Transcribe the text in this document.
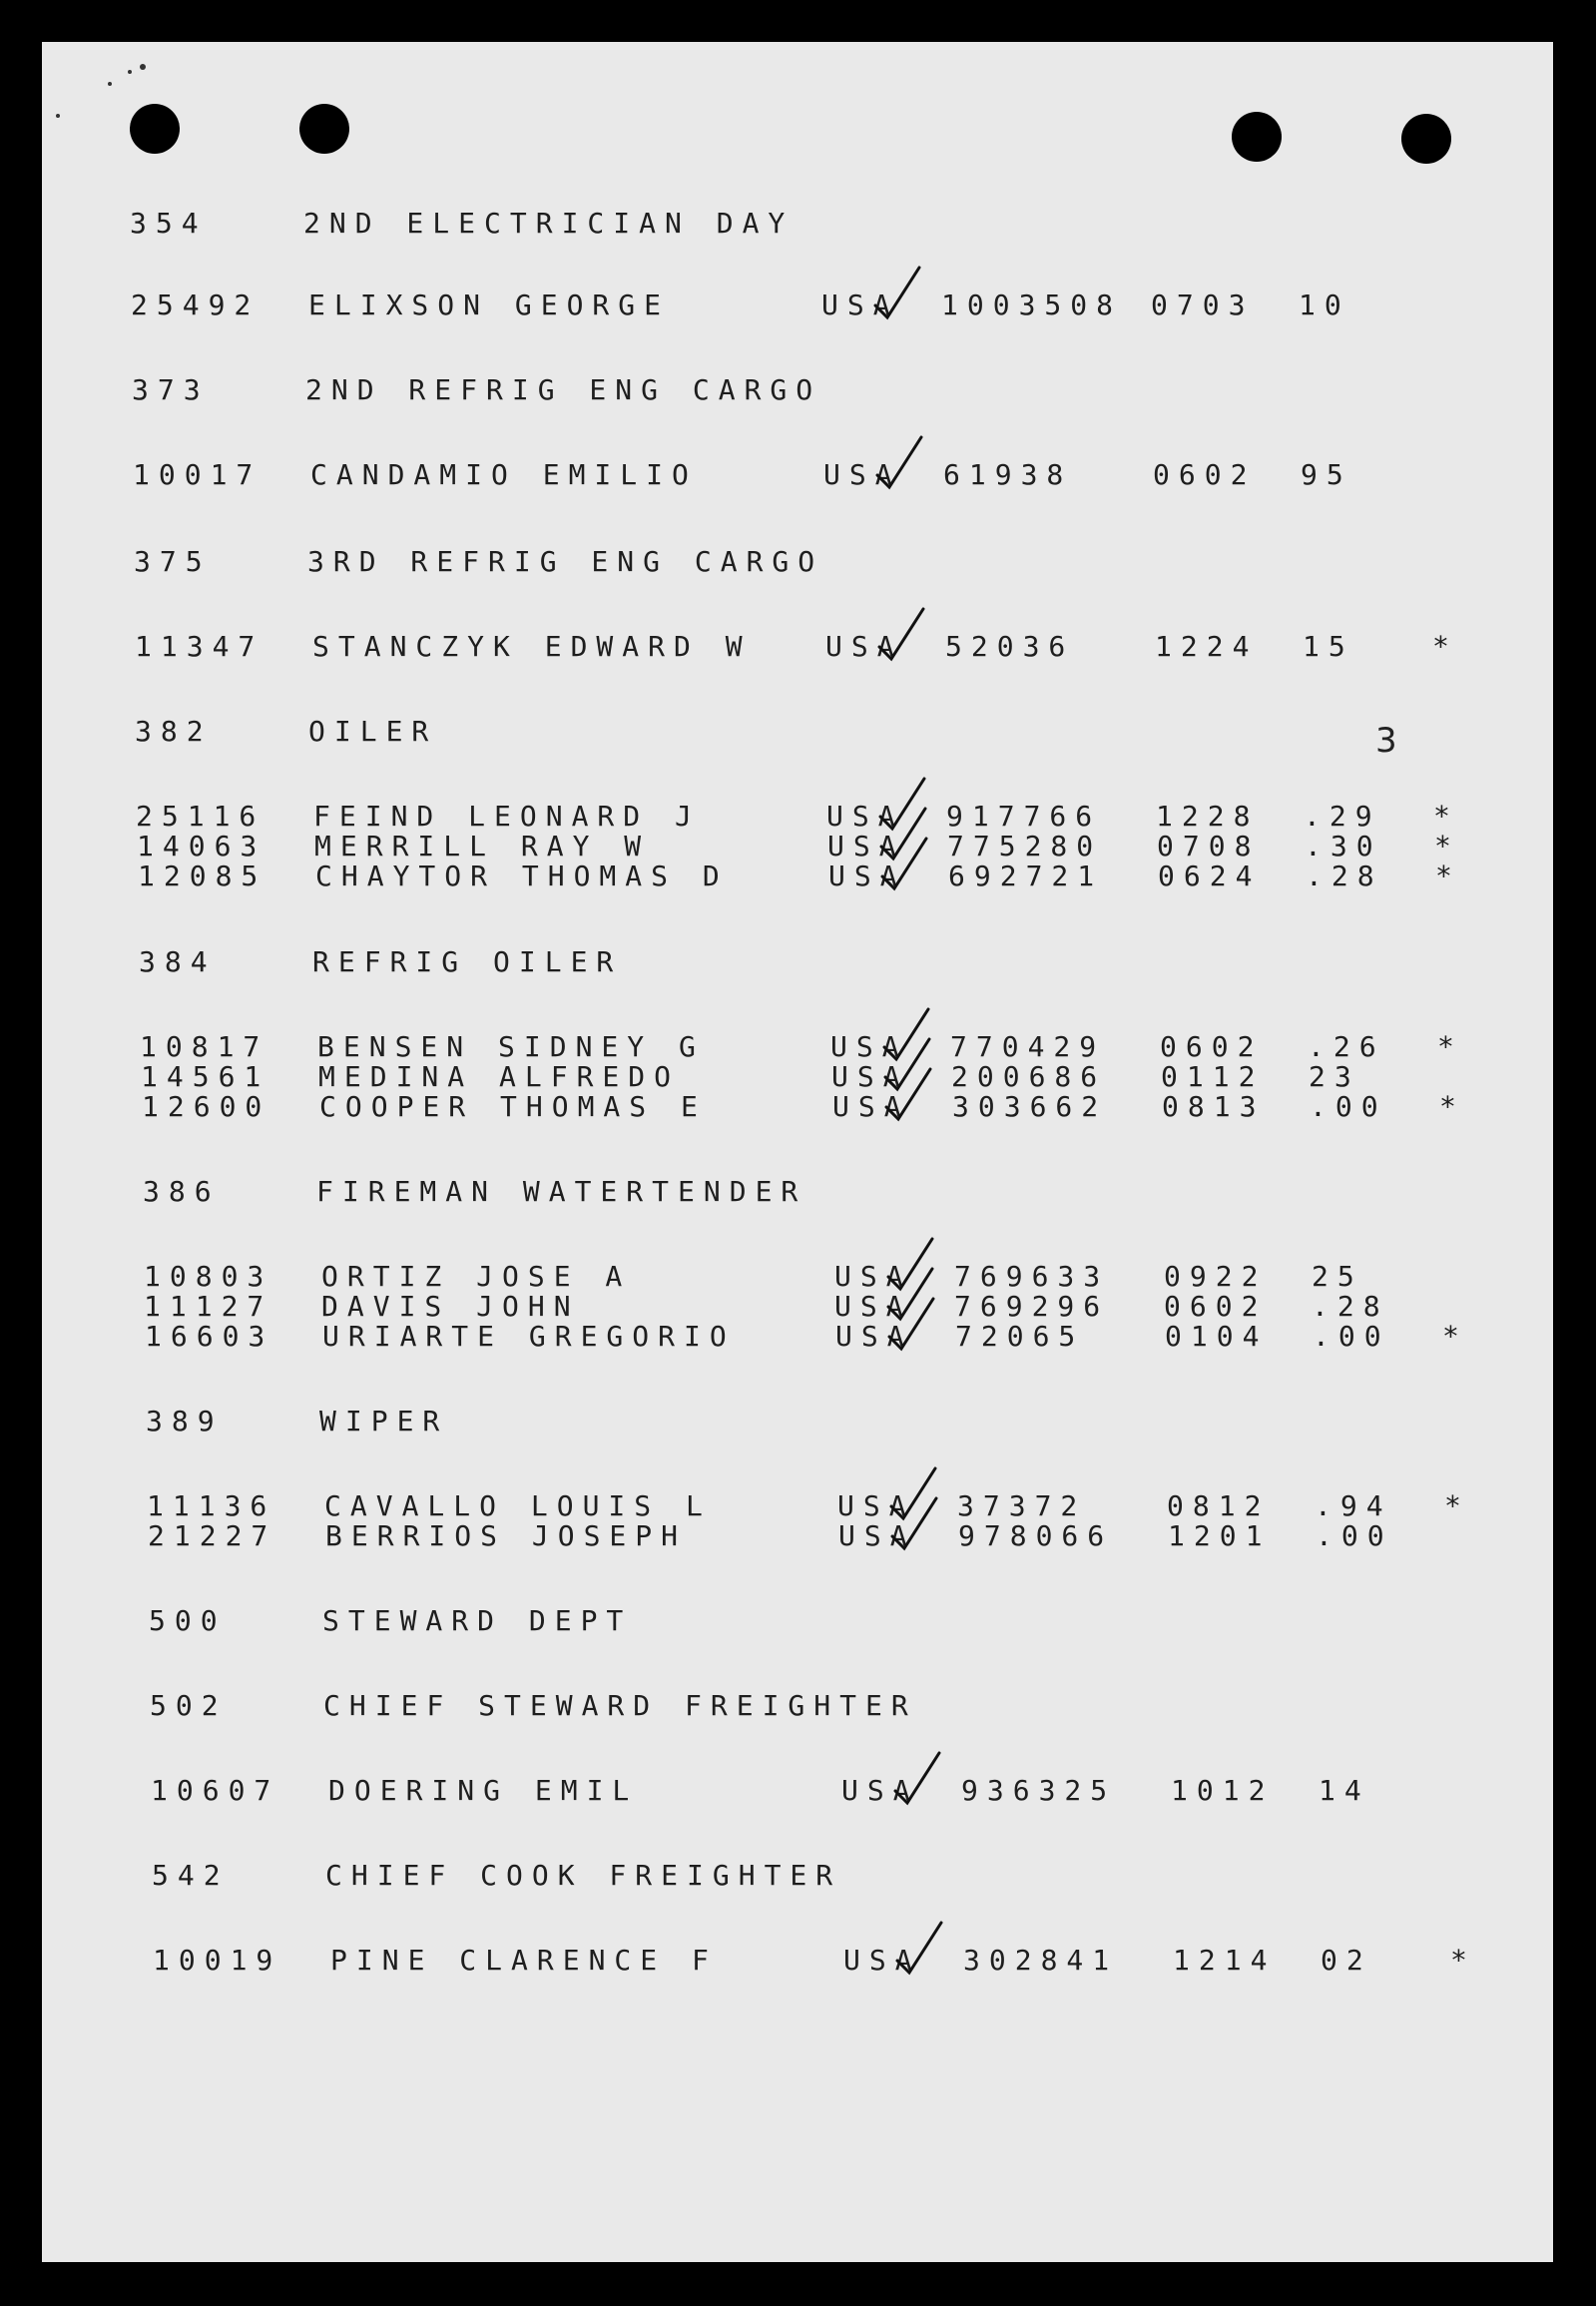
3
354	2ND ELECTRICIAN DAY
25492 ELIXSON GEORGE	USA 1003508 0703 10
373	2ND REFRIG ENG CARGO
10017 CANDAMIO EMILIO	USA 61938	0602 95
375	3RD REFRIG ENG CARGO
11347 STANCZYK EDWARD W	USA 52036	1224 15	*
382	OILER
25116 FEIND LEONARD J	USA 917766 1228 .29 *
14063 MERRILL RAY W	USA 775280 0708 .30 *
12085 CHAYTOR THOMAS D	USA 692721 0624 .28 *
384	REFRIG OILER
10817 BENSEN SIDNEY G	USA 770429 0602 .26 *
14561 MEDINA ALFREDO	USA 200686 0112 23
12600 COOPER THOMAS E	USA 303662 0813 .00 *
386	FIREMAN WATERTENDER
10803 ORTIZ JOSE A	USA 769633 0922 25
11127 DAVIS JOHN	USA 769296 0602 .28
16603 URIARTE GREGORIO	USA 72065	0104 .00 *
389	WIPER
11136 CAVALLO LOUIS L	USA 37372	0812 .94 *
21227 BERRIOS JOSEPH	USA 978066 1201 .00
500	STEWARD DEPT
502	CHIEF STEWARD FREIGHTER
10607 DOERING EMIL	USA 936325 1012 14
542	CHIEF COOK FREIGHTER
10019 PINE CLARENCE F	USA 302841 1214 02	*
